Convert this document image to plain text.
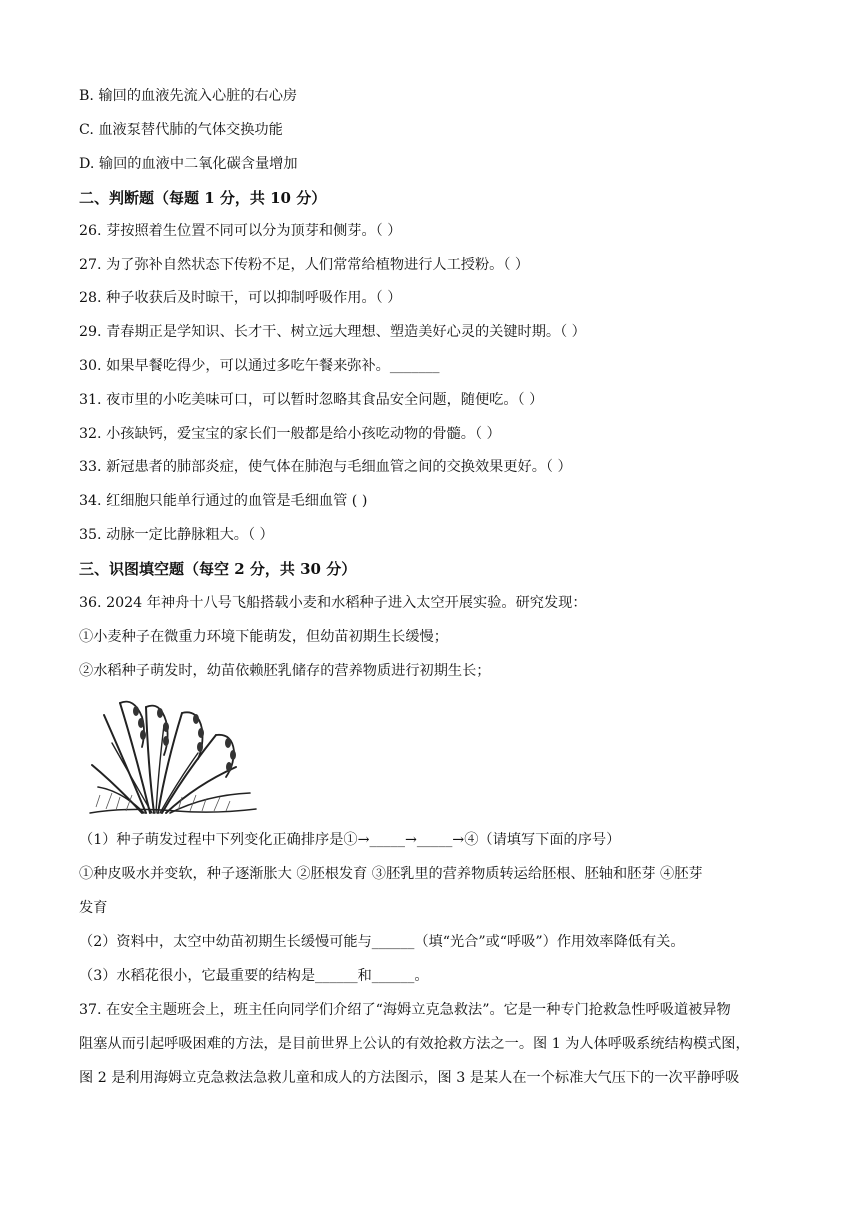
B. 输回的血液先流入心脏的右心房
C. 血液泵替代肺的气体交换功能
D. 输回的血液中二氧化碳含量增加
二、判断题（每题 1 分，共 10 分）
26. 芽按照着生位置不同可以分为顶芽和侧芽。（ ）
27. 为了弥补自然状态下传粉不足，人们常常给植物进行人工授粉。（ ）
28. 种子收获后及时晾干，可以抑制呼吸作用。（ ）
29. 青春期正是学知识、长才干、树立远大理想、塑造美好心灵的关键时期。（ ）
30. 如果早餐吃得少，可以通过多吃午餐来弥补。_______
31. 夜市里的小吃美味可口，可以暂时忽略其食品安全问题，随便吃。（ ）
32. 小孩缺钙，爱宝宝的家长们一般都是给小孩吃动物的骨髓。（ ）
33. 新冠患者的肺部炎症，使气体在肺泡与毛细血管之间的交换效果更好。（ ）
34. 红细胞只能单行通过的血管是毛细血管 ( )
35. 动脉一定比静脉粗大。（ ）
三、识图填空题（每空 2 分，共 30 分）
36. 2024 年神舟十八号飞船搭载小麦和水稻种子进入太空开展实验。研究发现：
①小麦种子在微重力环境下能萌发，但幼苗初期生长缓慢；
②水稻种子萌发时，幼苗依赖胚乳储存的营养物质进行初期生长；
（1）种子萌发过程中下列变化正确排序是①→_____→_____→④（请填写下面的序号）
①种皮吸水并变软，种子逐渐胀大 ②胚根发育 ③胚乳里的营养物质转运给胚根、胚轴和胚芽 ④胚芽
发育
（2）资料中，太空中幼苗初期生长缓慢可能与______（填“光合”或“呼吸”）作用效率降低有关。
（3）水稻花很小，它最重要的结构是______和______。
37. 在安全主题班会上，班主任向同学们介绍了“海姆立克急救法”。它是一种专门抢救急性呼吸道被异物
阻塞从而引起呼吸困难的方法，是目前世界上公认的有效抢救方法之一。图 1 为人体呼吸系统结构模式图，
图 2 是利用海姆立克急救法急救儿童和成人的方法图示，图 3 是某人在一个标准大气压下的一次平静呼吸
